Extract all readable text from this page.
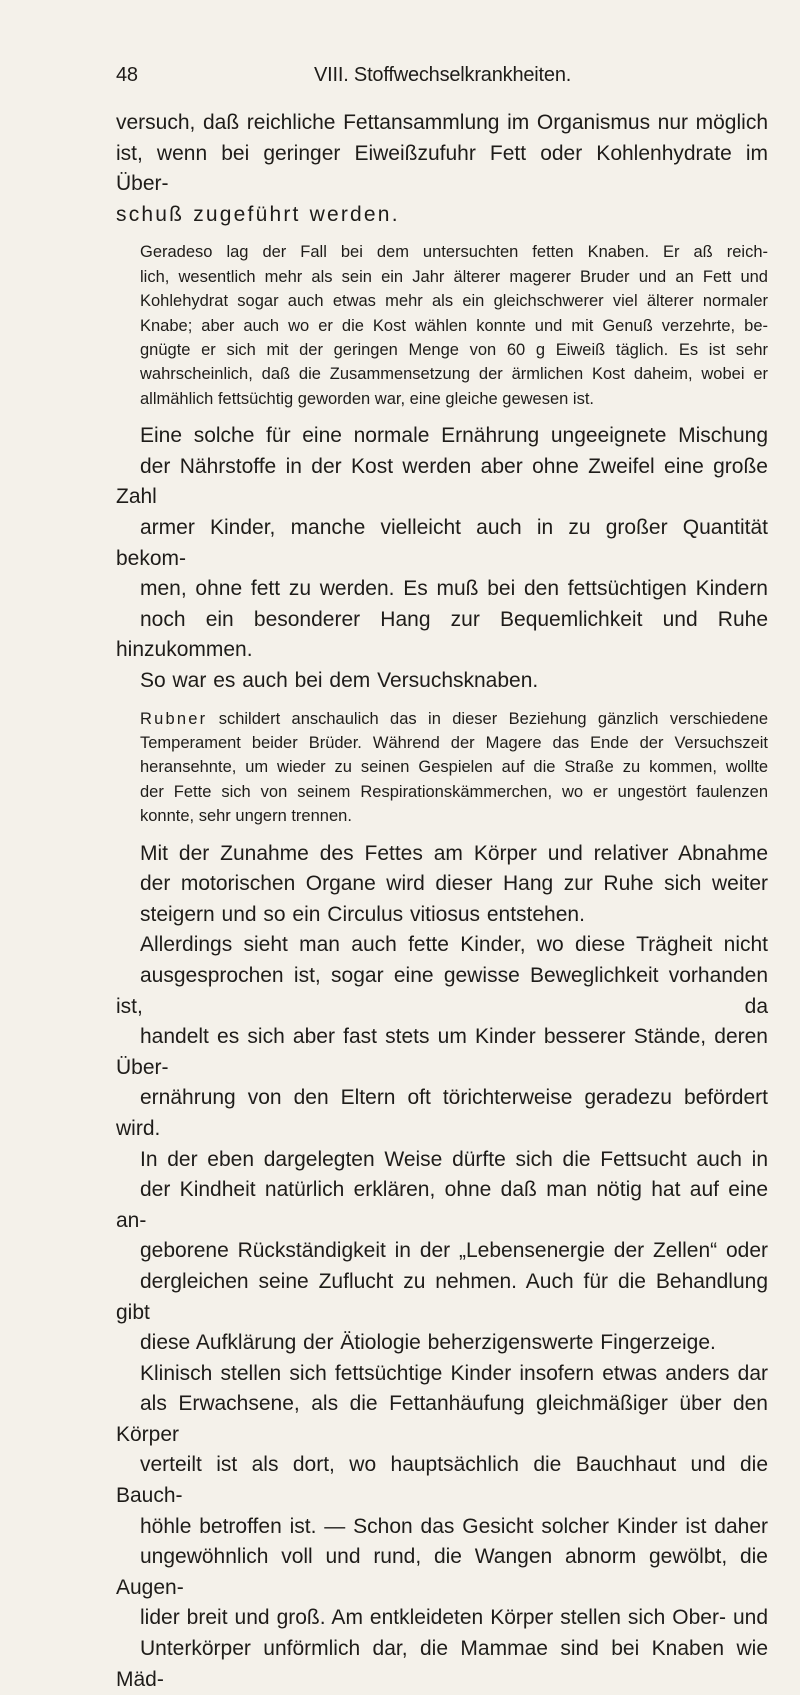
48	VIII. Stoffwechselkrankheiten.

versuch, daß reichliche Fettansammlung im Organismus nur möglich
ist, wenn bei geringer Eiweißzufuhr Fett oder Kohlenhydrate im Über-
schuß zugeführt werden.

Geradeso lag der Fall bei dem untersuchten fetten Knaben. Er aß reich-
lich, wesentlich mehr als sein ein Jahr älterer magerer Bruder und an Fett und
Kohlehydrat sogar auch etwas mehr als ein gleichschwerer viel älterer normaler
Knabe; aber auch wo er die Kost wählen konnte und mit Genuß verzehrte, be-
gnügte er sich mit der geringen Menge von 60 g Eiweiß täglich. Es ist sehr
wahrscheinlich, daß die Zusammensetzung der ärmlichen Kost daheim, wobei er
allmählich fettsüchtig geworden war, eine gleiche gewesen ist.

Eine solche für eine normale Ernährung ungeeignete Mischung
der Nährstoffe in der Kost werden aber ohne Zweifel eine große Zahl
armer Kinder, manche vielleicht auch in zu großer Quantität bekom-
men, ohne fett zu werden. Es muß bei den fettsüchtigen Kindern
noch ein besonderer Hang zur Bequemlichkeit und Ruhe hinzukommen.
So war es auch bei dem Versuchsknaben.

Rubner schildert anschaulich das in dieser Beziehung gänzlich verschiedene
Temperament beider Brüder. Während der Magere das Ende der Versuchszeit
heransehnte, um wieder zu seinen Gespielen auf die Straße zu kommen, wollte
der Fette sich von seinem Respirationskämmerchen, wo er ungestört faulenzen
konnte, sehr ungern trennen.

Mit der Zunahme des Fettes am Körper und relativer Abnahme
der motorischen Organe wird dieser Hang zur Ruhe sich weiter
steigern und so ein Circulus vitiosus entstehen.

Allerdings sieht man auch fette Kinder, wo diese Trägheit nicht
ausgesprochen ist, sogar eine gewisse Beweglichkeit vorhanden ist, da
handelt es sich aber fast stets um Kinder besserer Stände, deren Über-
ernährung von den Eltern oft törichterweise geradezu befördert wird.

In der eben dargelegten Weise dürfte sich die Fettsucht auch in
der Kindheit natürlich erklären, ohne daß man nötig hat auf eine an-
geborene Rückständigkeit in der „Lebensenergie der Zellen“ oder
dergleichen seine Zuflucht zu nehmen. Auch für die Behandlung gibt
diese Aufklärung der Ätiologie beherzigenswerte Fingerzeige.

Klinisch stellen sich fettsüchtige Kinder insofern etwas anders dar
als Erwachsene, als die Fettanhäufung gleichmäßiger über den Körper
verteilt ist als dort, wo hauptsächlich die Bauchhaut und die Bauch-
höhle betroffen ist. — Schon das Gesicht solcher Kinder ist daher
ungewöhnlich voll und rund, die Wangen abnorm gewölbt, die Augen-
lider breit und groß. Am entkleideten Körper stellen sich Ober- und
Unterkörper unförmlich dar, die Mammae sind bei Knaben wie Mäd-
